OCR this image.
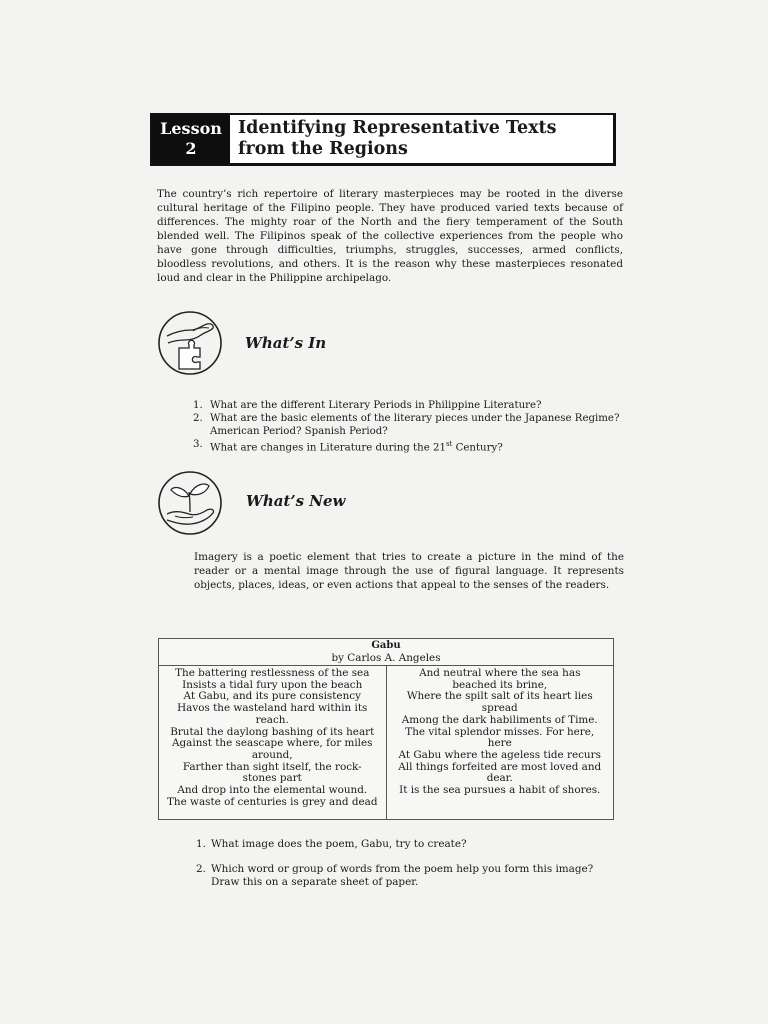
Lesson
2
Identifying Representative Texts
from the Regions

The country’s rich repertoire of literary masterpieces may be rooted in the diverse cultural heritage of the Filipino people. They have produced varied texts because of differences. The mighty roar of the North and the fiery temperament of the South blended well. The Filipinos speak of the collective experiences from the people who have gone through difficulties, triumphs, struggles, successes, armed conflicts, bloodless revolutions, and others. It is the reason why these masterpieces resonated loud and clear in the Philippine archipelago.

What’s In
1. What are the different Literary Periods in Philippine Literature?
2. What are the basic elements of the literary pieces under the Japanese Regime? American Period? Spanish Period?
3. What are changes in Literature during the 21st Century?
What’s New

Imagery is a poetic element that tries to create a picture in the mind of the reader or a mental image through the use of figural language. It represents objects, places, ideas, or even actions that appeal to the senses of the readers.

Gabu
by Carlos A. Angeles
The battering restlessness of the sea
Insists a tidal fury upon the beach
At Gabu, and its pure consistency
Havos the wasteland hard within its
reach.
Brutal the daylong bashing of its heart
Against the seascape where, for miles
around,
Farther than sight itself, the rock-
stones part
And drop into the elemental wound.
The waste of centuries is grey and dead
And neutral where the sea has
beached its brine,
Where the spilt salt of its heart lies
spread
Among the dark habiliments of Time.
The vital splendor misses. For here,
here
At Gabu where the ageless tide recurs
All things forfeited are most loved and
dear.
It is the sea pursues a habit of shores.
1. What image does the poem, Gabu, try to create?
2. Which word or group of words from the poem help you form this image? Draw this on a separate sheet of paper.
